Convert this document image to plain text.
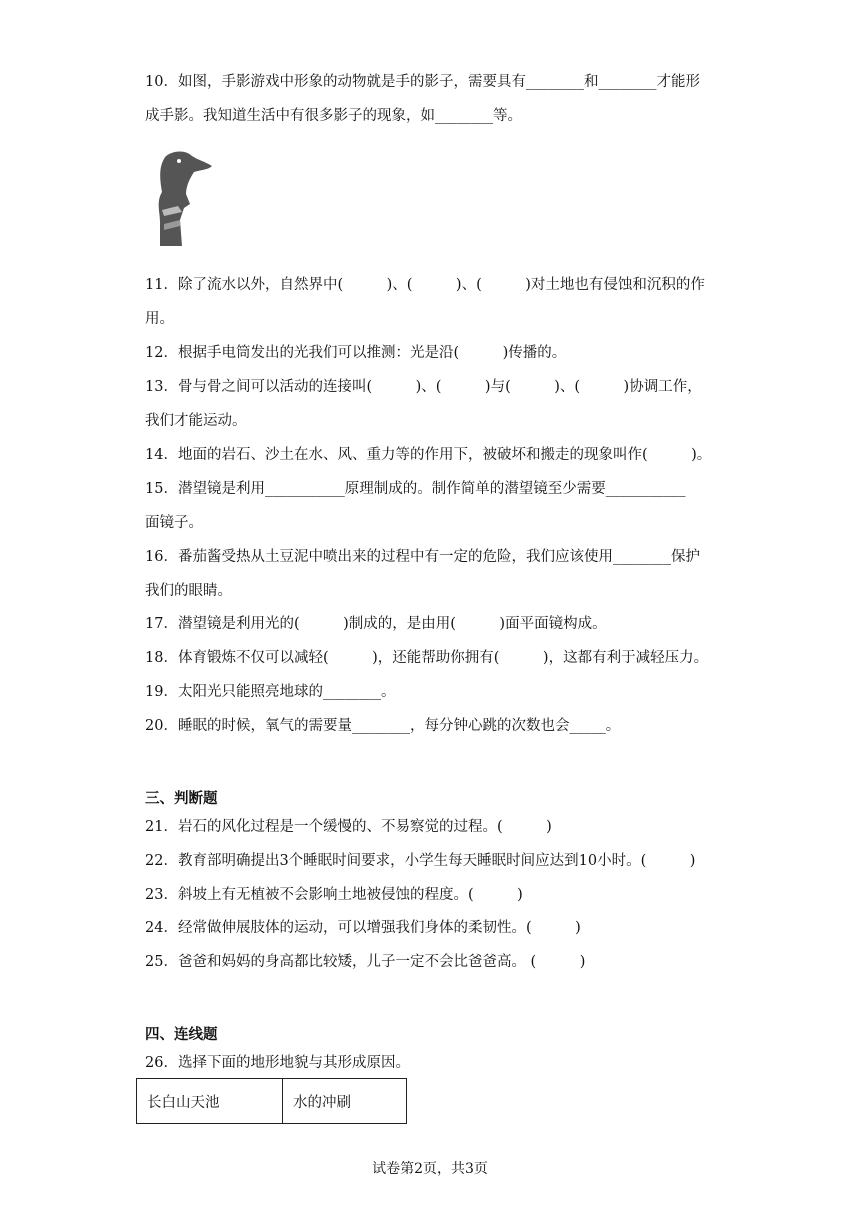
10．如图，手影游戏中形象的动物就是手的影子，需要具有________和________才能形
成手影。我知道生活中有很多影子的现象，如________等。
11．除了流水以外，自然界中(　　　)、(　　　)、(　　　)对土地也有侵蚀和沉积的作
用。
12．根据手电筒发出的光我们可以推测：光是沿(　　　)传播的。
13．骨与骨之间可以活动的连接叫(　　　)、(　　　)与(　　　)、(　　　)协调工作，
我们才能运动。
14．地面的岩石、沙土在水、风、重力等的作用下，被破坏和搬走的现象叫作(　　　)。
15．潜望镜是利用___________原理制成的。制作简单的潜望镜至少需要___________
面镜子。
16．番茄酱受热从土豆泥中喷出来的过程中有一定的危险，我们应该使用________保护
我们的眼睛。
17．潜望镜是利用光的(　　　)制成的，是由用(　　　)面平面镜构成。
18．体育锻炼不仅可以减轻(　　　)，还能帮助你拥有(　　　)，这都有利于减轻压力。
19．太阳光只能照亮地球的________。
20．睡眠的时候，氧气的需要量________，每分钟心跳的次数也会_____。
三、判断题
21．岩石的风化过程是一个缓慢的、不易察觉的过程。(　　　)
22．教育部明确提出3个睡眠时间要求，小学生每天睡眠时间应达到10小时。(　　　)
23．斜坡上有无植被不会影响土地被侵蚀的程度。(　　　)
24．经常做伸展肢体的运动，可以增强我们身体的柔韧性。(　　　)
25．爸爸和妈妈的身高都比较矮，儿子一定不会比爸爸高。 (　　　)
四、连线题
26．选择下面的地形地貌与其形成原因。
长白山天池	水的冲刷
试卷第2页，共3页
